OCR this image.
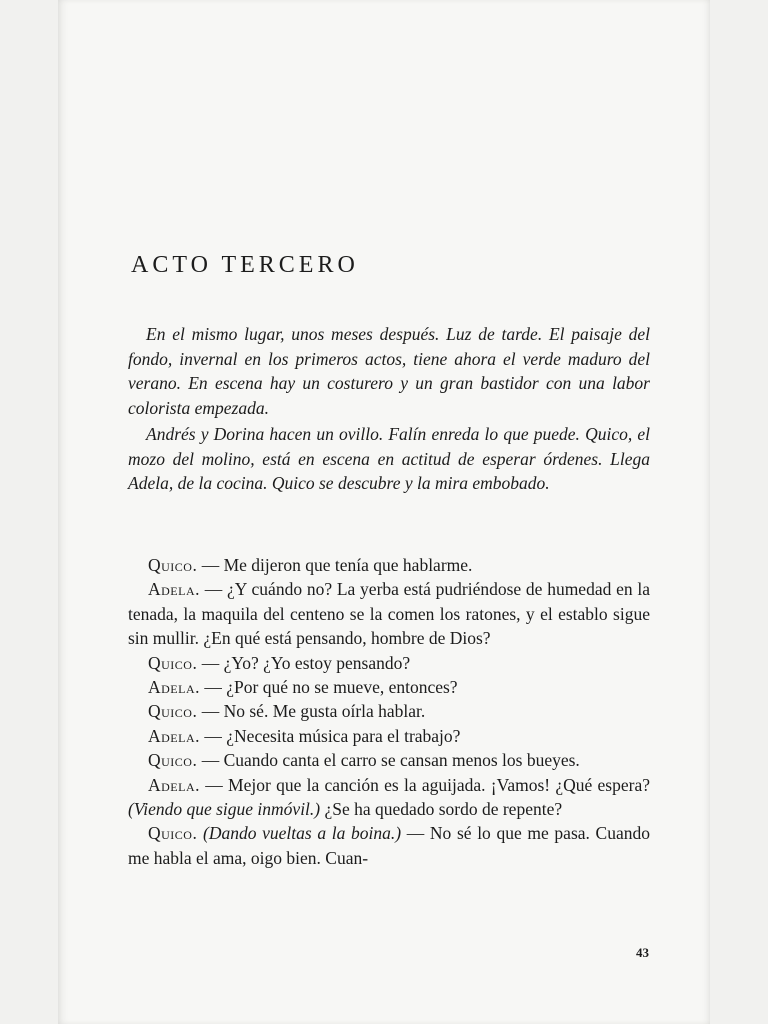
ACTO TERCERO

En el mismo lugar, unos meses después. Luz de tarde. El paisaje del fondo, invernal en los primeros actos, tiene ahora el verde maduro del verano. En escena hay un costurero y un gran bastidor con una labor colorista empezada.

Andrés y Dorina hacen un ovillo. Falín enreda lo que puede. Quico, el mozo del molino, está en escena en actitud de esperar órdenes. Llega Adela, de la cocina. Quico se descubre y la mira embobado.

Quico. — Me dijeron que tenía que hablarme.

Adela. — ¿Y cuándo no? La yerba está pudriéndose de humedad en la tenada, la maquila del centeno se la comen los ratones, y el establo sigue sin mullir. ¿En qué está pensando, hombre de Dios?

Quico. — ¿Yo? ¿Yo estoy pensando?

Adela. — ¿Por qué no se mueve, entonces?

Quico. — No sé. Me gusta oírla hablar.

Adela. — ¿Necesita música para el trabajo?

Quico. — Cuando canta el carro se cansan menos los bueyes.

Adela. — Mejor que la canción es la aguijada. ¡Vamos! ¿Qué espera? (Viendo que sigue inmóvil.) ¿Se ha quedado sordo de repente?

Quico. (Dando vueltas a la boina.) — No sé lo que me pasa. Cuando me habla el ama, oigo bien. Cuan-

43
